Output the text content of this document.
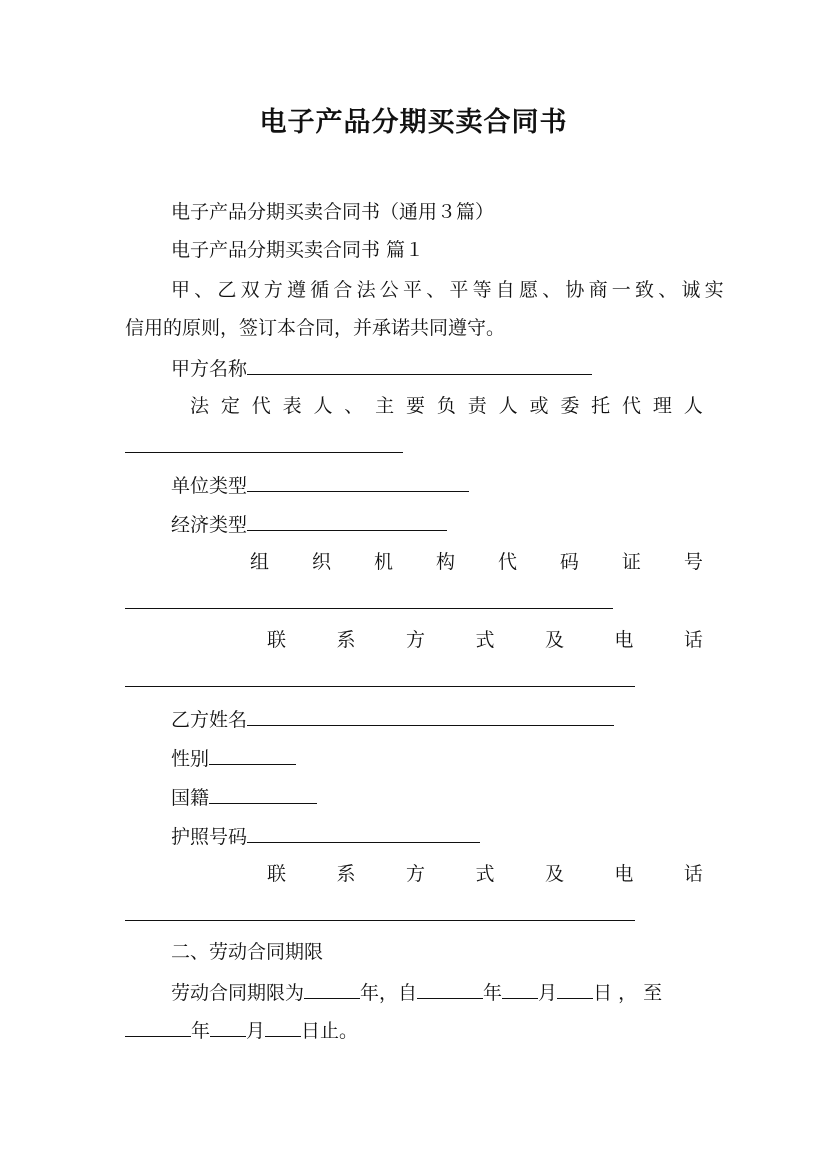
电子产品分期买卖合同书
电子产品分期买卖合同书（通用３篇）
电子产品分期买卖合同书 篇１
甲、乙双方遵循合法公平、平等自愿、协商一致、诚实
信用的原则，签订本合同，并承诺共同遵守。
甲方名称
法 定 代 表 人 、 主 要 负 责 人 或 委 托 代 理 人
单位类型
经济类型
组 织 机 构 代 码 证 号
联	系	方	式	及	电	话
乙方姓名
性别
国籍
护照号码
联	系	方	式	及	电	话
二、劳动合同期限
劳动合同期限为	年，自	年 月 日，至
年 月 日止。
